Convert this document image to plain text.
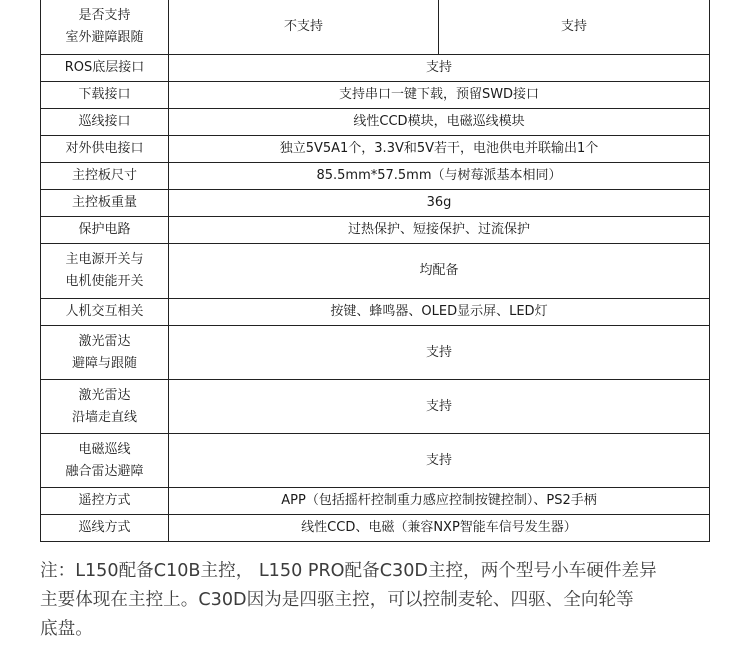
是否支持
室外避障跟随	不支持	支持
ROS底层接口	支持	
下载接口	支持串口一键下载，预留SWD接口	
巡线接口	线性CCD模块，电磁巡线模块	
对外供电接口	独立5V5A1个，3.3V和5V若干，电池供电并联输出1个	
主控板尺寸	85.5mm*57.5mm（与树莓派基本相同）	
主控板重量	36g	
保护电路	过热保护、短接保护、过流保护	

主电源开关与
电机使能开关	均配备	
人机交互相关	按键、蜂鸣器、OLED显示屏、LED灯	

激光雷达
避障与跟随	支持	

激光雷达
沿墙走直线	支持	

电磁巡线
融合雷达避障	支持	
遥控方式	APP（包括摇杆控制重力感应控制按键控制）、PS2手柄	
巡线方式	线性CCD、电磁（兼容NXP智能车信号发生器）	

注：L150配备C10B主控， L150 PRO配备C30D主控，两个型号小车硬件差异
主要体现在主控上。C30D因为是四驱主控，可以控制麦轮、四驱、全向轮等
底盘。
